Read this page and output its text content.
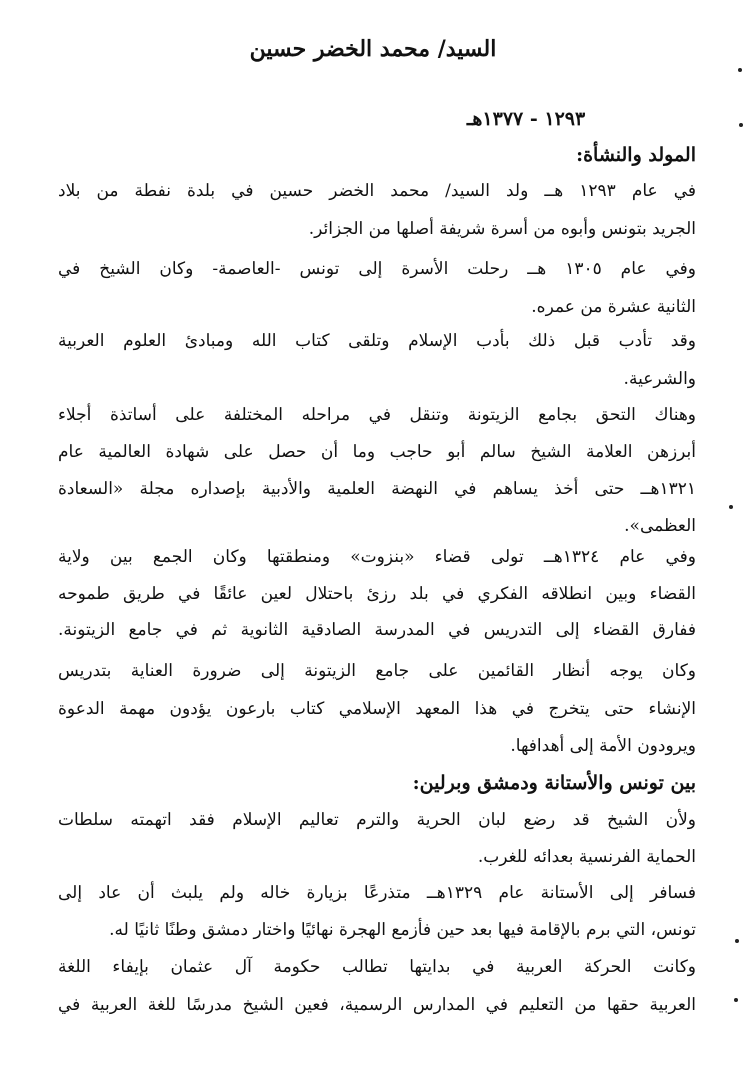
السيد/ محمد الخضر حسين
١٢٩٣ - ١٣٧٧هـ
المولد والنشأة:

في عام ١٢٩٣ هــ ولد السيد/ محمد الخضر حسين في بلدة نفطة من بلاد

الجريد بتونس وأبوه من أسرة شريفة أصلها من الجزائر.

وفي عام ١٣٠٥ هــ رحلت الأسرة إلى تونس -العاصمة- وكان الشيخ في

الثانية عشرة من عمره.

وقد تأدب قبل ذلك بأدب الإسلام وتلقى كتاب الله ومبادئ العلوم العربية

والشرعية.

وهناك التحق بجامع الزيتونة وتنقل في مراحله المختلفة على أساتذة أجلاء

أبرزهن العلامة الشيخ سالم أبو حاجب وما أن حصل على شهادة العالمية عام

١٣٢١هــ حتى أخذ يساهم في النهضة العلمية والأدبية بإصداره مجلة «السعادة

العظمى».

وفي عام ١٣٢٤هــ تولى قضاء «بنزوت» ومنطقتها وكان الجمع بين ولاية

القضاء وبين انطلاقه الفكري في بلد رزئ باحتلال لعين عائقًا في طريق طموحه

ففارق القضاء إلى التدريس في المدرسة الصادقية الثانوية ثم في جامع الزيتونة.

وكان يوجه أنظار القائمين على جامع الزيتونة إلى ضرورة العناية بتدريس

الإنشاء حتى يتخرج في هذا المعهد الإسلامي كتاب بارعون يؤدون مهمة الدعوة

ويرودون الأمة إلى أهدافها.

بين تونس والأستانة ودمشق وبرلين:

ولأن الشيخ قد رضع لبان الحرية والترم تعاليم الإسلام فقد اتهمته سلطات

الحماية الفرنسية بعدائه للغرب.

فسافر إلى الأستانة عام ١٣٢٩هــ متذرعًا بزيارة خاله ولم يلبث أن عاد إلى

تونس، التي برم بالإقامة فيها بعد حين فأزمع الهجرة نهائيًا واختار دمشق وطنًا ثانيًا له.

وكانت الحركة العربية في بدايتها تطالب حكومة آل عثمان بإيفاء اللغة

العربية حقها من التعليم في المدارس الرسمية، فعين الشيخ مدرسًا للغة العربية في
